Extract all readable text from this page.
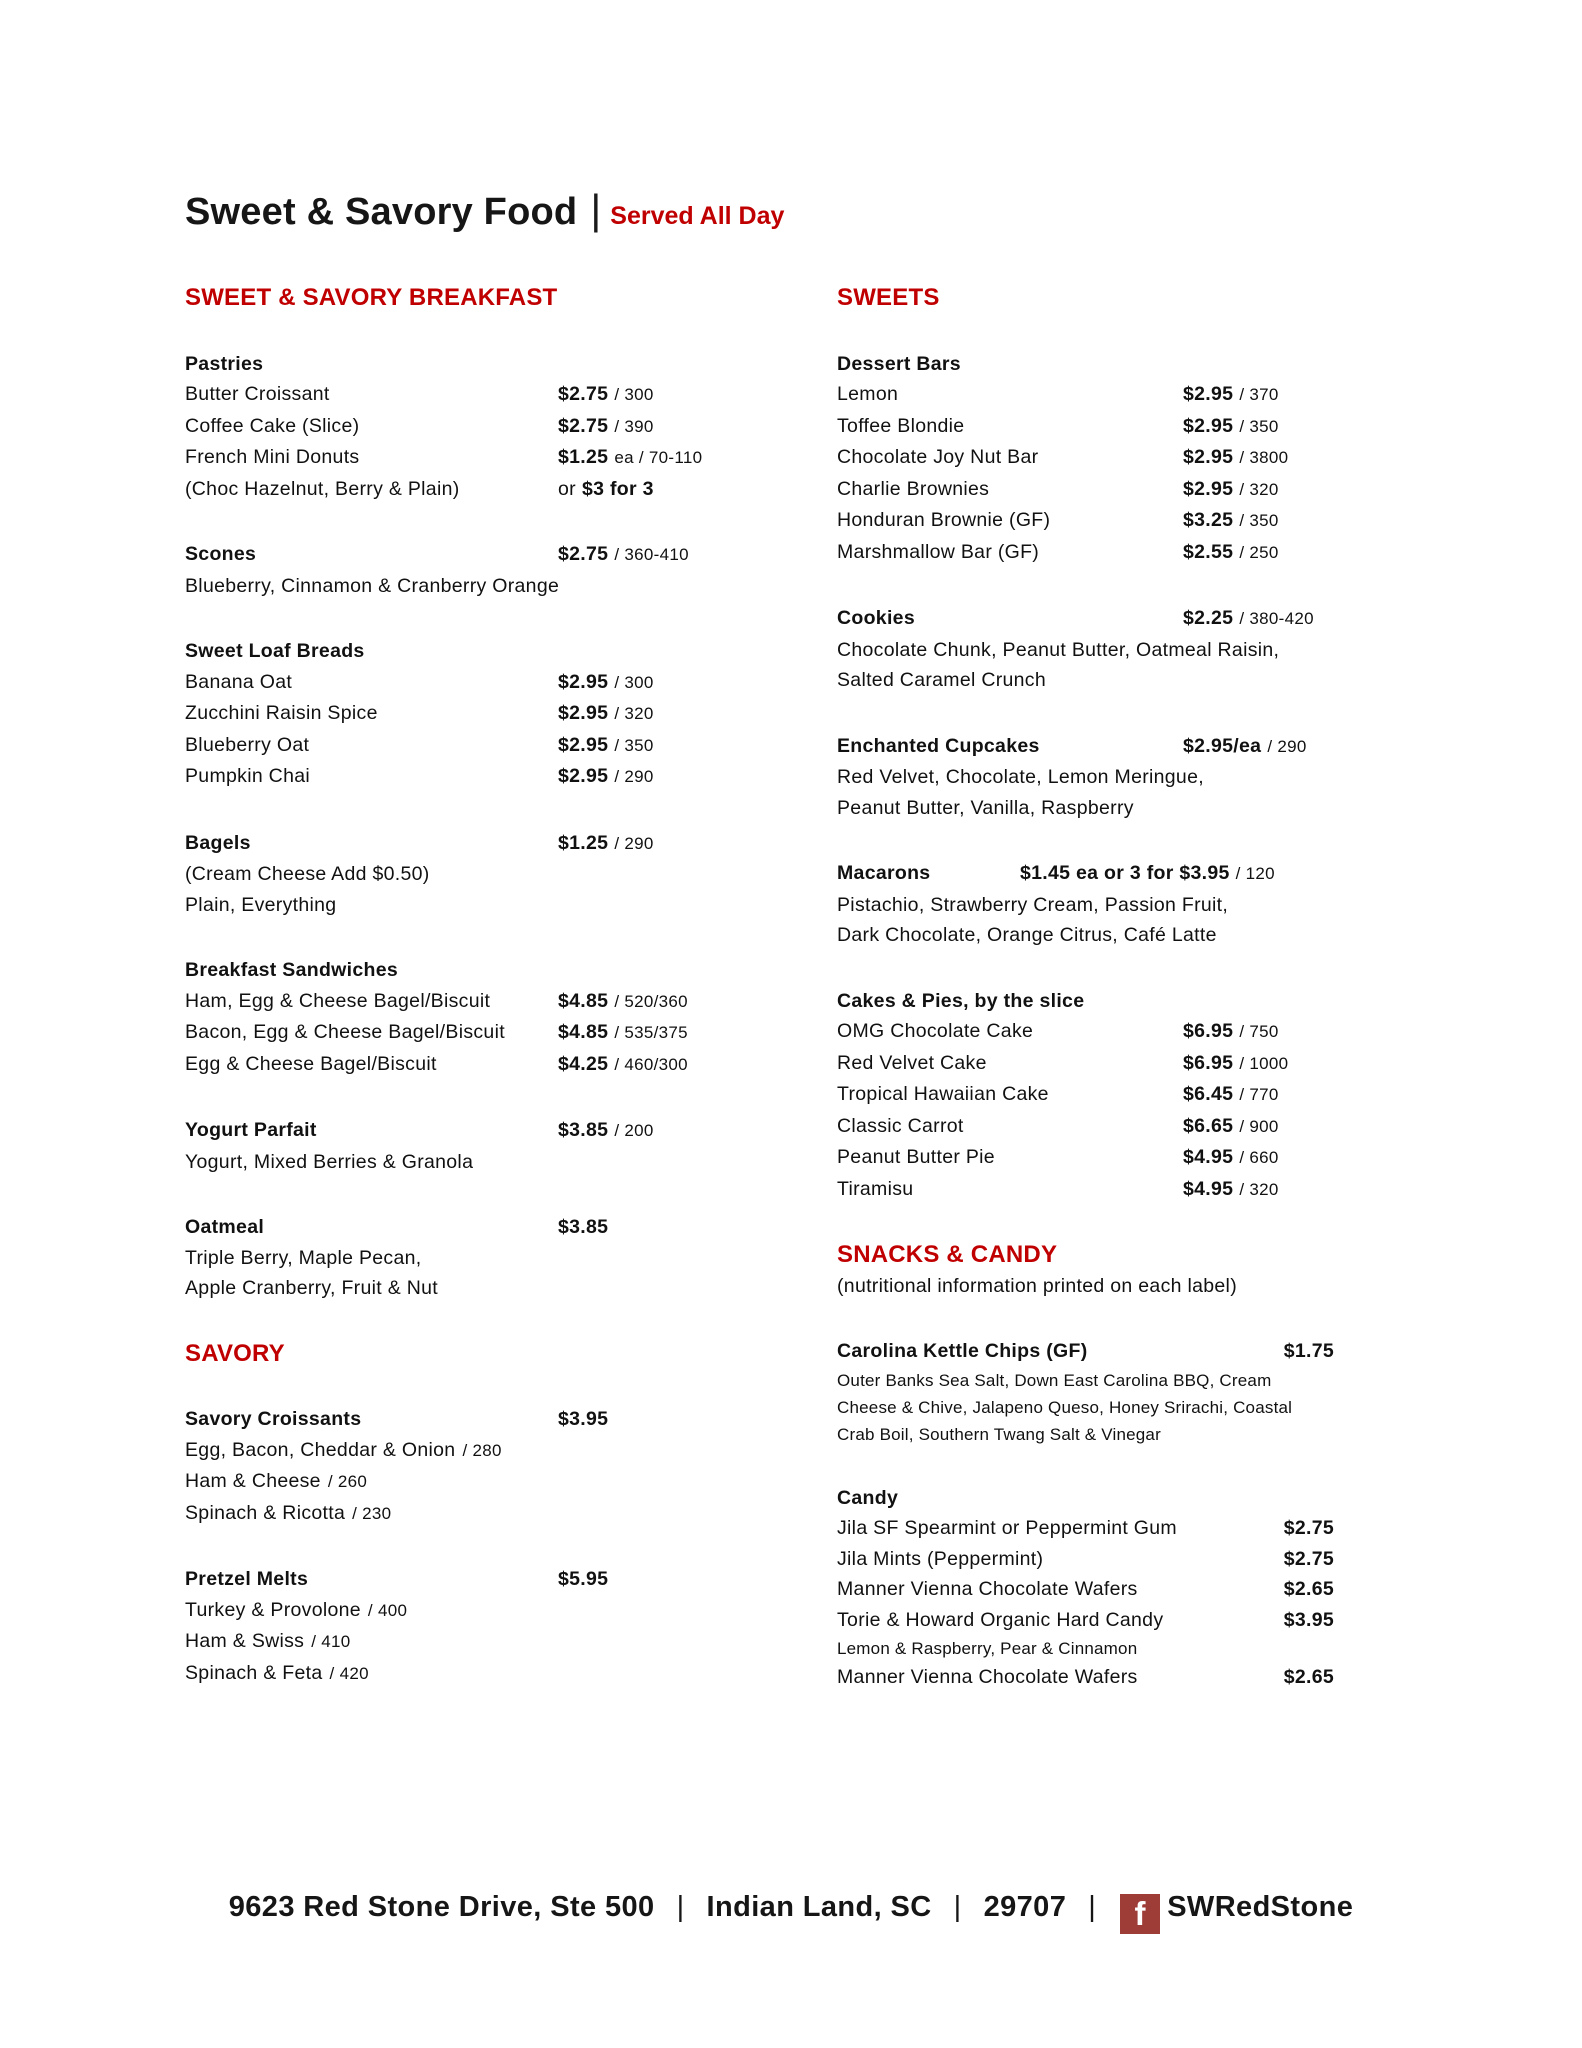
Sweet & Savory Food | Served All Day
SWEET & SAVORY BREAKFAST
Pastries
Butter Croissant	$2.75 / 300
Coffee Cake (Slice)	$2.75 / 390
French Mini Donuts	$1.25 ea / 70-110
(Choc Hazelnut, Berry & Plain)	or $3 for 3
Scones	$2.75 / 360-410
Blueberry, Cinnamon & Cranberry Orange
Sweet Loaf Breads
Banana Oat	$2.95 / 300
Zucchini Raisin Spice	$2.95 / 320
Blueberry Oat	$2.95 / 350
Pumpkin Chai	$2.95 / 290
Bagels	$1.25 / 290
(Cream Cheese Add $0.50)
Plain, Everything
Breakfast Sandwiches
Ham, Egg & Cheese Bagel/Biscuit	$4.85 / 520/360
Bacon, Egg & Cheese Bagel/Biscuit	$4.85 / 535/375
Egg & Cheese Bagel/Biscuit	$4.25 / 460/300
Yogurt Parfait	$3.85 / 200
Yogurt, Mixed Berries & Granola
Oatmeal	$3.85
Triple Berry, Maple Pecan,
Apple Cranberry, Fruit & Nut
SAVORY
Savory Croissants	$3.95
Egg, Bacon, Cheddar & Onion / 280
Ham & Cheese / 260
Spinach & Ricotta / 230
Pretzel Melts	$5.95
Turkey & Provolone / 400
Ham & Swiss / 410
Spinach & Feta / 420
SWEETS
Dessert Bars
Lemon	$2.95 / 370
Toffee Blondie	$2.95 / 350
Chocolate Joy Nut Bar	$2.95 / 3800
Charlie Brownies	$2.95 / 320
Honduran Brownie (GF)	$3.25 / 350
Marshmallow Bar (GF)	$2.55 / 250
Cookies	$2.25 / 380-420
Chocolate Chunk, Peanut Butter, Oatmeal Raisin,
Salted Caramel Crunch
Enchanted Cupcakes	$2.95/ea / 290
Red Velvet, Chocolate, Lemon Meringue,
Peanut Butter, Vanilla, Raspberry
Macarons	$1.45 ea or 3 for $3.95 / 120
Pistachio, Strawberry Cream, Passion Fruit,
Dark Chocolate, Orange Citrus, Café Latte
Cakes & Pies, by the slice
OMG Chocolate Cake	$6.95 / 750
Red Velvet Cake	$6.95 / 1000
Tropical Hawaiian Cake	$6.45 / 770
Classic Carrot	$6.65 / 900
Peanut Butter Pie	$4.95 / 660
Tiramisu	$4.95 / 320
SNACKS & CANDY
(nutritional information printed on each label)
Carolina Kettle Chips (GF)	$1.75
Outer Banks Sea Salt, Down East Carolina BBQ, Cream
Cheese & Chive, Jalapeno Queso, Honey Srirachi, Coastal
Crab Boil, Southern Twang Salt & Vinegar
Candy
Jila SF Spearmint or Peppermint Gum	$2.75
Jila Mints (Peppermint)	$2.75
Manner Vienna Chocolate Wafers	$2.65
Torie & Howard Organic Hard Candy	$3.95
Lemon & Raspberry, Pear & Cinnamon
Manner Vienna Chocolate Wafers	$2.65
9623 Red Stone Drive, Ste 500 | Indian Land, SC | 29707 | f SWRedStone
